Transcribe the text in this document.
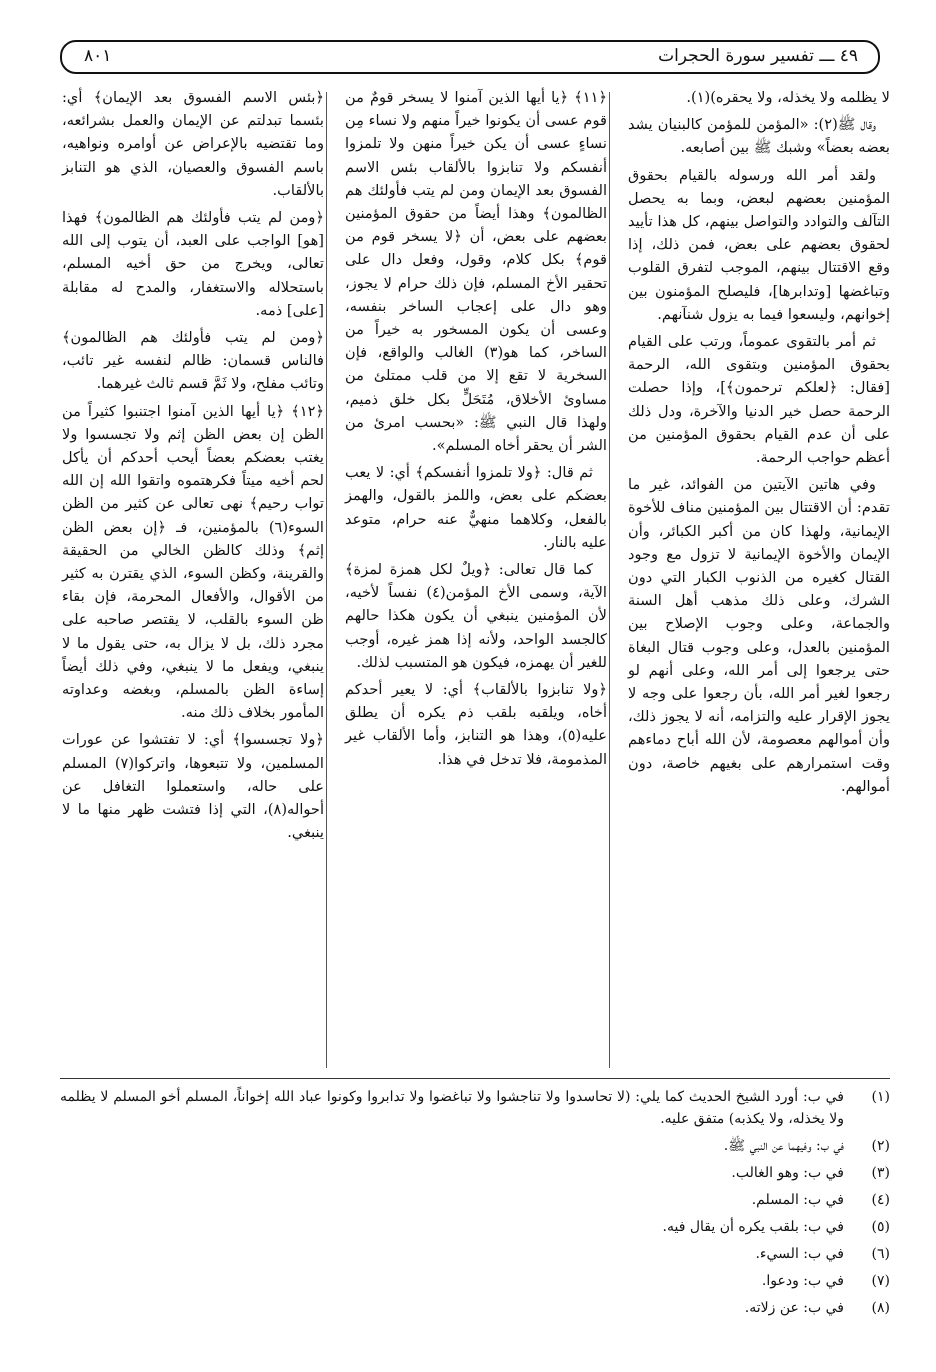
٤٩ ـــ تفسير سورة الحجرات
٨٠١

لا يظلمه ولا يخذله، ولا يحقره)(١).

وقال ﷺ(٢): «المؤمن للمؤمن كالبنيان يشد بعضه بعضاً» وشبك ﷺ بين أصابعه.

ولقد أمر الله ورسوله بالقيام بحقوق المؤمنين بعضهم لبعض، وبما به يحصل التآلف والتوادد والتواصل بينهم، كل هذا تأييد لحقوق بعضهم على بعض، فمن ذلك، إذا وقع الاقتتال بينهم، الموجب لتفرق القلوب وتباغضها [وتدابرها]، فليصلح المؤمنون بين إخوانهم، وليسعوا فيما به يزول شنآنهم.

ثم أمر بالتقوى عموماً، ورتب على القيام بحقوق المؤمنين وبتقوى الله، الرحمة [فقال: ﴿لعلكم ترحمون﴾]، وإذا حصلت الرحمة حصل خير الدنيا والآخرة، ودل ذلك على أن عدم القيام بحقوق المؤمنين من أعظم حواجب الرحمة.

وفي هاتين الآيتين من الفوائد، غير ما تقدم: أن الاقتتال بين المؤمنين مناف للأخوة الإيمانية، ولهذا كان من أكبر الكبائر، وأن الإيمان والأخوة الإيمانية لا تزول مع وجود القتال كغيره من الذنوب الكبار التي دون الشرك، وعلى ذلك مذهب أهل السنة والجماعة، وعلى وجوب الإصلاح بين المؤمنين بالعدل، وعلى وجوب قتال البغاة حتى يرجعوا إلى أمر الله، وعلى أنهم لو رجعوا لغير أمر الله، بأن رجعوا على وجه لا يجوز الإقرار عليه والتزامه، أنه لا يجوز ذلك، وأن أموالهم معصومة، لأن الله أباح دماءهم وقت استمرارهم على بغيهم خاصة، دون أموالهم.

﴿١١﴾ ﴿يا أيها الذين آمنوا لا يسخر قومٌ من قوم عسى أن يكونوا خيراً منهم ولا نساء مِن نساءٍ عسى أن يكن خيراً منهن ولا تلمزوا أنفسكم ولا تنابزوا بالألقاب بئس الاسم الفسوق بعد الإيمان ومن لم يتب فأولئك هم الظالمون﴾ وهذا أيضاً من حقوق المؤمنين بعضهم على بعض، أن ﴿لا يسخر قوم من قوم﴾ بكل كلام، وقول، وفعل دال على تحقير الأخ المسلم، فإن ذلك حرام لا يجوز، وهو دال على إعجاب الساخر بنفسه، وعسى أن يكون المسخور به خيراً من الساخر، كما هو(٣) الغالب والواقع، فإن السخرية لا تقع إلا من قلب ممتلئ من مساوئ الأخلاق، مُتَحَلٍّ بكل خلق ذميم، ولهذا قال النبي ﷺ: «بحسب امرئ من الشر أن يحقر أخاه المسلم».

ثم قال: ﴿ولا تلمزوا أنفسكم﴾ أي: لا يعب بعضكم على بعض، واللمز بالقول، والهمز بالفعل، وكلاهما منهيٌّ عنه حرام، متوعد عليه بالنار.

كما قال تعالى: ﴿ويلٌ لكل همزة لمزة﴾ الآية، وسمى الأخ المؤمن(٤) نفساً لأخيه، لأن المؤمنين ينبغي أن يكون هكذا حالهم كالجسد الواحد، ولأنه إذا همز غيره، أوجب للغير أن يهمزه، فيكون هو المتسبب لذلك.

﴿ولا تنابزوا بالألقاب﴾ أي: لا يعير أحدكم أخاه، ويلقبه بلقب ذم يكره أن يطلق عليه(٥)، وهذا هو التنابز، وأما الألقاب غير المذمومة، فلا تدخل في هذا.

﴿بئس الاسم الفسوق بعد الإيمان﴾ أي: بئسما تبدلتم عن الإيمان والعمل بشرائعه، وما تقتضيه بالإعراض عن أوامره ونواهيه، باسم الفسوق والعصيان، الذي هو التنابز بالألقاب.

﴿ومن لم يتب فأولئك هم الظالمون﴾ فهذا [هو] الواجب على العبد، أن يتوب إلى الله تعالى، ويخرج من حق أخيه المسلم، باستحلاله والاستغفار، والمدح له مقابلة [على] ذمه.

﴿ومن لم يتب فأولئك هم الظالمون﴾ فالناس قسمان: ظالم لنفسه غير تائب، وتائب مفلح، ولا ثَمَّ قسم ثالث غيرهما.

﴿١٢﴾ ﴿يا أيها الذين آمنوا اجتنبوا كثيراً من الظن إن بعض الظن إثم ولا تجسسوا ولا يغتب بعضكم بعضاً أيحب أحدكم أن يأكل لحم أخيه ميتاً فكرهتموه واتقوا الله إن الله تواب رحيم﴾ نهى تعالى عن كثير من الظن السوء(٦) بالمؤمنين، فـ ﴿إن بعض الظن إثم﴾ وذلك كالظن الخالي من الحقيقة والقرينة، وكظن السوء، الذي يقترن به كثير من الأقوال، والأفعال المحرمة، فإن بقاء ظن السوء بالقلب، لا يقتصر صاحبه على مجرد ذلك، بل لا يزال به، حتى يقول ما لا ينبغي، ويفعل ما لا ينبغي، وفي ذلك أيضاً إساءة الظن بالمسلم، وبغضه وعداوته المأمور بخلاف ذلك منه.

﴿ولا تجسسوا﴾ أي: لا تفتشوا عن عورات المسلمين، ولا تتبعوها، واتركوا(٧) المسلم على حاله، واستعملوا التغافل عن أحواله(٨)، التي إذا فتشت ظهر منها ما لا ينبغي.

(١)
في ب: أورد الشيخ الحديث كما يلي: (لا تحاسدوا ولا تناجشوا ولا تباغضوا ولا تدابروا وكونوا عباد الله إخواناً، المسلم أخو المسلم لا يظلمه ولا يخذله، ولا يكذبه) متفق عليه.
(٢)
في ب: وفيهما عن النبي ﷺ.
(٣)
في ب: وهو الغالب.
(٤)
في ب: المسلم.
(٥)
في ب: بلقب يكره أن يقال فيه.
(٦)
في ب: السيء.
(٧)
في ب: ودعوا.
(٨)
في ب: عن زلاته.
